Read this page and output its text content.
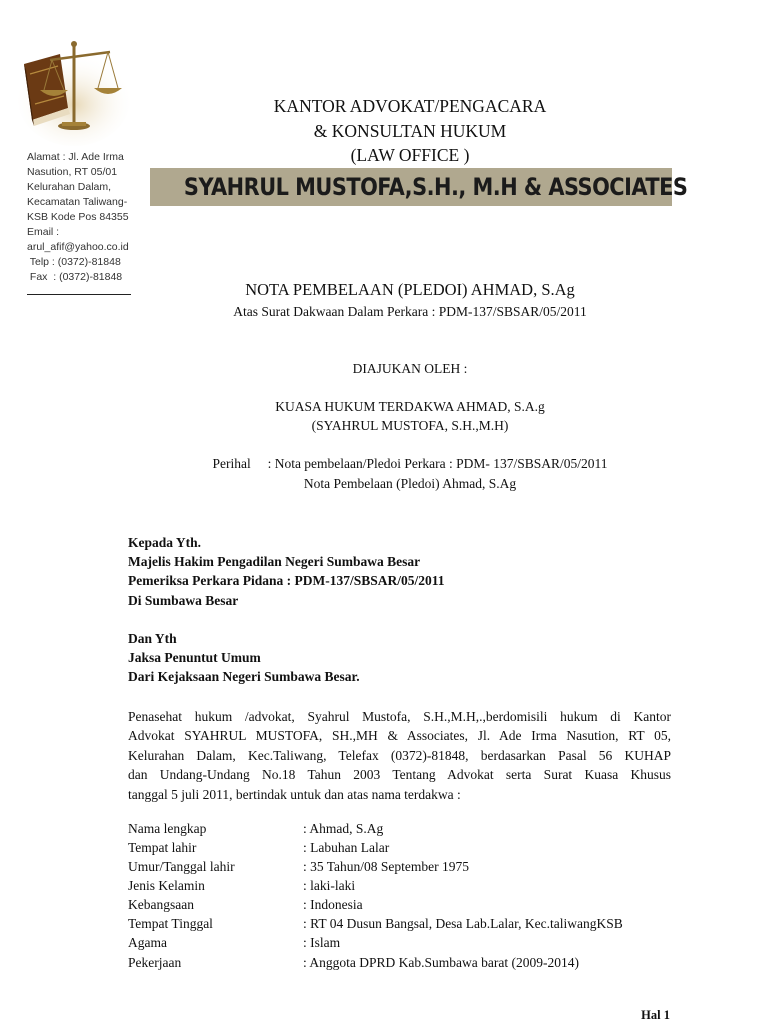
Alamat : Jl. Ade Irma
Nasution, RT 05/01
Kelurahan Dalam,
Kecamatan Taliwang-
KSB Kode Pos 84355
Email :
arul_afif@yahoo.co.id
Telp : (0372)-81848
Fax  : (0372)-81848
KANTOR ADVOKAT/PENGACARA
& KONSULTAN HUKUM
(LAW OFFICE )
SYAHRUL MUSTOFA,S.H., M.H & ASSOCIATES
NOTA PEMBELAAN (PLEDOI) AHMAD, S.Ag
Atas Surat Dakwaan Dalam Perkara : PDM-137/SBSAR/05/2011
DIAJUKAN OLEH :
KUASA HUKUM TERDAKWA AHMAD, S.A.g
(SYAHRUL MUSTOFA, S.H.,M.H)
Perihal     : Nota pembelaan/Pledoi Perkara : PDM- 137/SBSAR/05/2011
Nota Pembelaan (Pledoi) Ahmad, S.Ag
Kepada Yth.
Majelis Hakim Pengadilan Negeri Sumbawa Besar
Pemeriksa Perkara Pidana : PDM-137/SBSAR/05/2011
Di Sumbawa Besar
Dan Yth
Jaksa Penuntut Umum
Dari Kejaksaan Negeri Sumbawa Besar.
Penasehat hukum /advokat, Syahrul Mustofa, S.H.,M.H,.,berdomisili hukum di Kantor
Advokat SYAHRUL MUSTOFA, SH.,MH & Associates, Jl. Ade Irma Nasution, RT 05,
Kelurahan Dalam, Kec.Taliwang, Telefax (0372)-81848, berdasarkan Pasal 56 KUHAP
dan Undang-Undang No.18 Tahun 2003 Tentang Advokat serta Surat Kuasa Khusus
tanggal 5 juli 2011, bertindak untuk dan atas nama terdakwa :
Nama lengkap	: Ahmad, S.Ag
Tempat lahir	: Labuhan Lalar
Umur/Tanggal lahir	: 35 Tahun/08 September 1975
Jenis Kelamin	: laki-laki
Kebangsaan	: Indonesia
Tempat Tinggal	: RT 04 Dusun Bangsal, Desa Lab.Lalar, Kec.taliwangKSB
Agama	: Islam
Pekerjaan	: Anggota DPRD Kab.Sumbawa barat (2009-2014)
Hal 1
